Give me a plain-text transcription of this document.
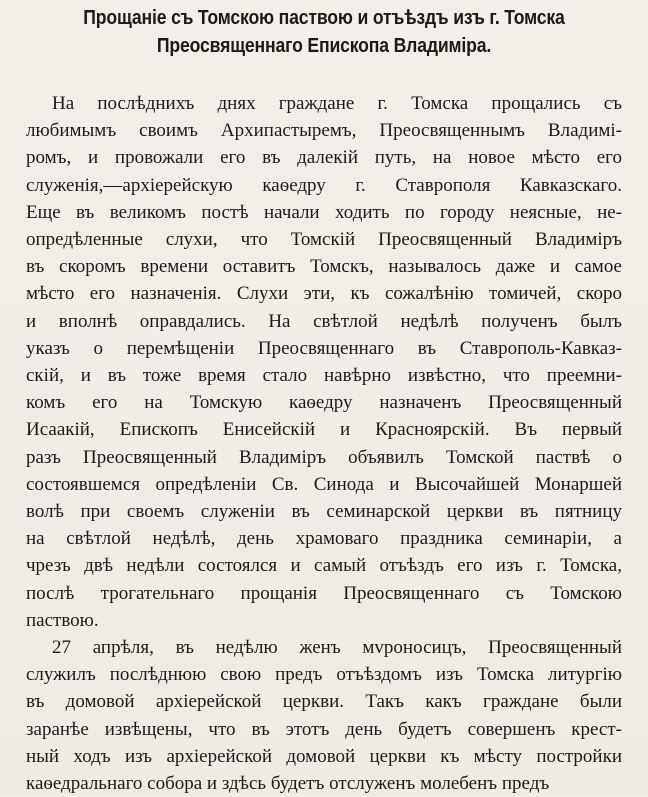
Прощаніе съ Томскою паствою и отъѣздъ изъ г. Томска
Преосвященнаго Епископа Владиміра.
На послѣднихъ днях граждане г. Томска прощались съ
любимымъ своимъ Архипастыремъ, Преосвященнымъ Владимі-
ромъ, и провожали его въ далекій путь, на новое мѣсто его
служенія,—архіерейскую каѳедру г. Ставрополя Кавказскаго.
Еще въ великомъ постѣ начали ходить по городу неясные, не-
опредѣленные слухи, что Томскій Преосвященный Владиміръ
въ скоромъ времени оставитъ Томскъ, называлось даже и самое
мѣсто его назначенія. Слухи эти, къ сожалѣнію томичей, скоро
и вполнѣ оправдались. На свѣтлой недѣлѣ полученъ былъ
указъ о перемѣщеніи Преосвященнаго въ Ставрополь-Кавказ-
скій, и въ тоже время стало навѣрно извѣстно, что преемни-
комъ его на Томскую каѳедру назначенъ Преосвященный
Исаакій, Епископъ Енисейскій и Красноярскій. Въ первый
разъ Преосвященный Владиміръ объявилъ Томской паствѣ о
состоявшемся опредѣленіи Св. Синода и Высочайшей Монаршей
волѣ при своемъ служеніи въ семинарской церкви въ пятницу
на свѣтлой недѣлѣ, день храмоваго праздника семинаріи, а
чрезъ двѣ недѣли состоялся и самый отъѣздъ его изъ г. Томска,
послѣ трогательнаго прощанія Преосвященнаго съ Томскою
паствою.
27 апрѣля, въ недѣлю женъ мvроносицъ, Преосвященный
служилъ послѣднюю свою предъ отъѣздомъ изъ Томска литургію
въ домовой архіерейской церкви. Такъ какъ граждане были
заранѣе извѣщены, что въ этотъ день будетъ совершенъ крест-
ный ходъ изъ архіерейской домовой церкви къ мѣсту постройки
каѳедральнаго собора и здѣсь будетъ отслуженъ молебенъ предъ
